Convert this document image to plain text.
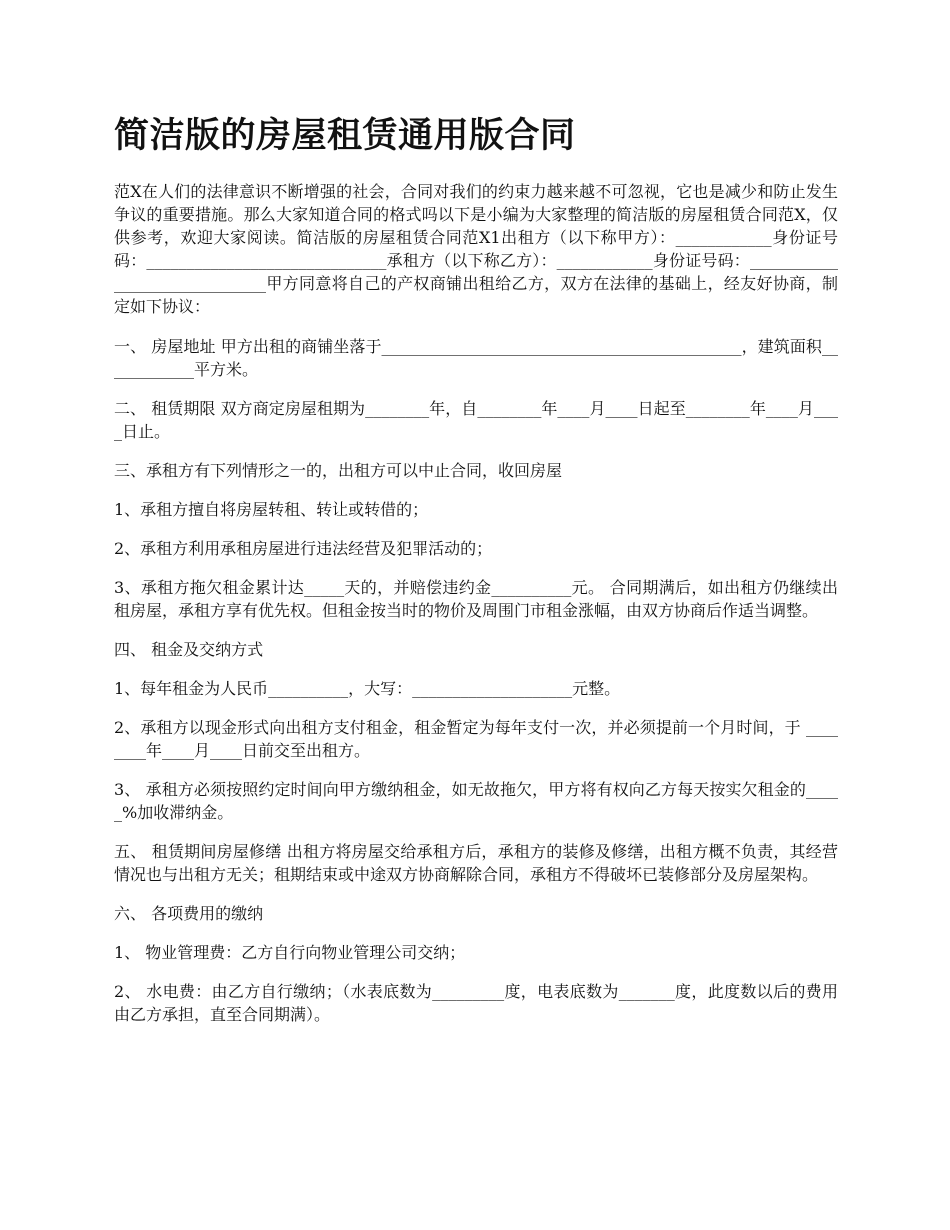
简洁版的房屋租赁通用版合同

范X在人们的法律意识不断增强的社会，合同对我们的约束力越来越不可忽视，它也是减少和防止发生争议的重要措施。那么大家知道合同的格式吗以下是小编为大家整理的简洁版的房屋租赁合同范X，仅供参考，欢迎大家阅读。简洁版的房屋租赁合同范X1出租方（以下称甲方）：____________身份证号码：______________________________承租方（以下称乙方）：____________身份证号码：______________________________甲方同意将自己的产权商铺出租给乙方，双方在法律的基础上，经友好协商，制定如下协议：

一、 房屋地址 甲方出租的商铺坐落于_____________________________________________，建筑面积____________平方米。

二、 租赁期限 双方商定房屋租期为________年，自________年____月____日起至________年____月____日止。

三、承租方有下列情形之一的，出租方可以中止合同，收回房屋

1、承租方擅自将房屋转租、转让或转借的；

2、承租方利用承租房屋进行违法经营及犯罪活动的；

3、承租方拖欠租金累计达_____天的，并赔偿违约金__________元。 合同期满后，如出租方仍继续出租房屋，承租方享有优先权。但租金按当时的物价及周围门市租金涨幅，由双方协商后作适当调整。

四、 租金及交纳方式

1、每年租金为人民币__________，大写：____________________元整。

2、承租方以现金形式向出租方支付租金，租金暂定为每年支付一次，并必须提前一个月时间，于 ________年____月____日前交至出租方。

3、 承租方必须按照约定时间向甲方缴纳租金，如无故拖欠，甲方将有权向乙方每天按实欠租金的_____%加收滞纳金。

五、 租赁期间房屋修缮 出租方将房屋交给承租方后，承租方的装修及修缮，出租方概不负责，其经营情况也与出租方无关；租期结束或中途双方协商解除合同，承租方不得破坏已装修部分及房屋架构。

六、 各项费用的缴纳

1、 物业管理费：乙方自行向物业管理公司交纳；

2、 水电费：由乙方自行缴纳；（水表底数为_________度，电表底数为_______度，此度数以后的费用由乙方承担，直至合同期满）。
